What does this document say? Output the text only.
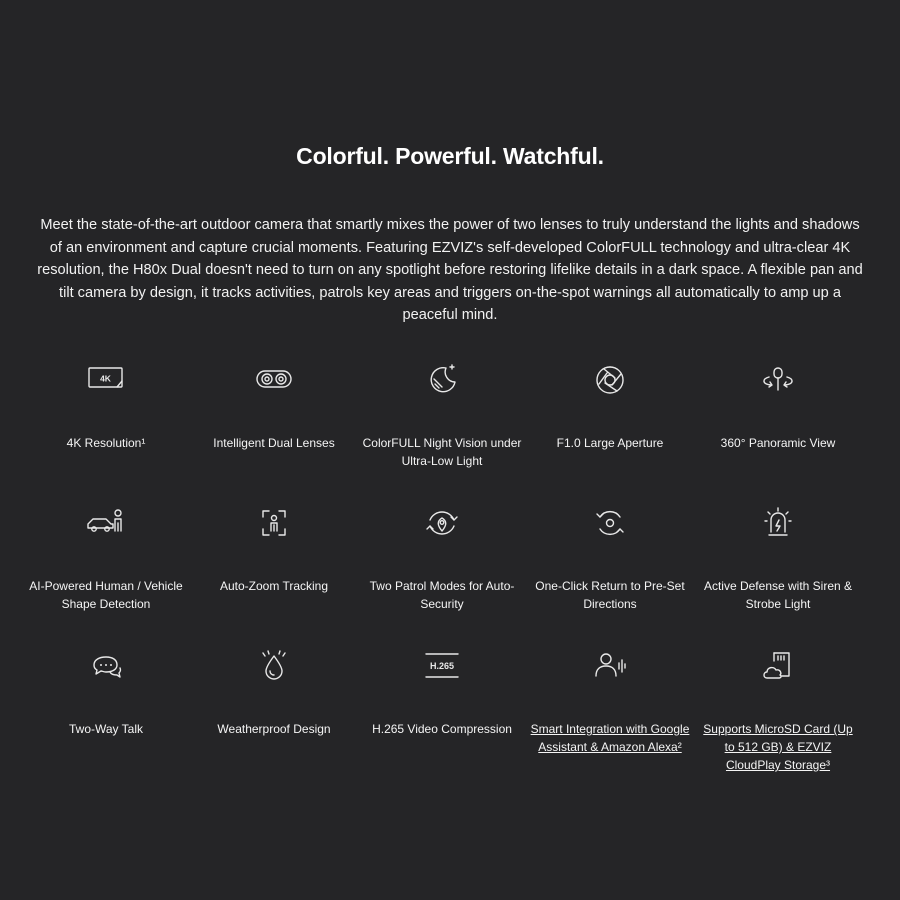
Colorful. Powerful. Watchful.
Meet the state-of-the-art outdoor camera that smartly mixes the power of two lenses to truly understand the lights and shadows of an environment and capture crucial moments. Featuring EZVIZ's self-developed ColorFULL technology and ultra-clear 4K resolution, the H80x Dual doesn't need to turn on any spotlight before restoring lifelike details in a dark space. A flexible pan and tilt camera by design, it tracks activities, patrols key areas and triggers on-the-spot warnings all automatically to amp up a peaceful mind.
4K
4K Resolution¹	Intelligent Dual Lenses	ColorFULL Night Vision under Ultra-Low Light
F1.0 Large Aperture	360° Panoramic View
AI-Powered Human / Vehicle Shape Detection
Auto-Zoom Tracking	Two Patrol Modes for Auto-Security
One-Click Return to Pre-Set Directions
Active Defense with Siren & Strobe Light
Two-Way Talk	Weatherproof Design
H.265
H.265 Video Compression	Smart Integration with Google Assistant & Amazon Alexa²
Supports MicroSD Card (Up to 512 GB) & EZVIZ CloudPlay Storage³
